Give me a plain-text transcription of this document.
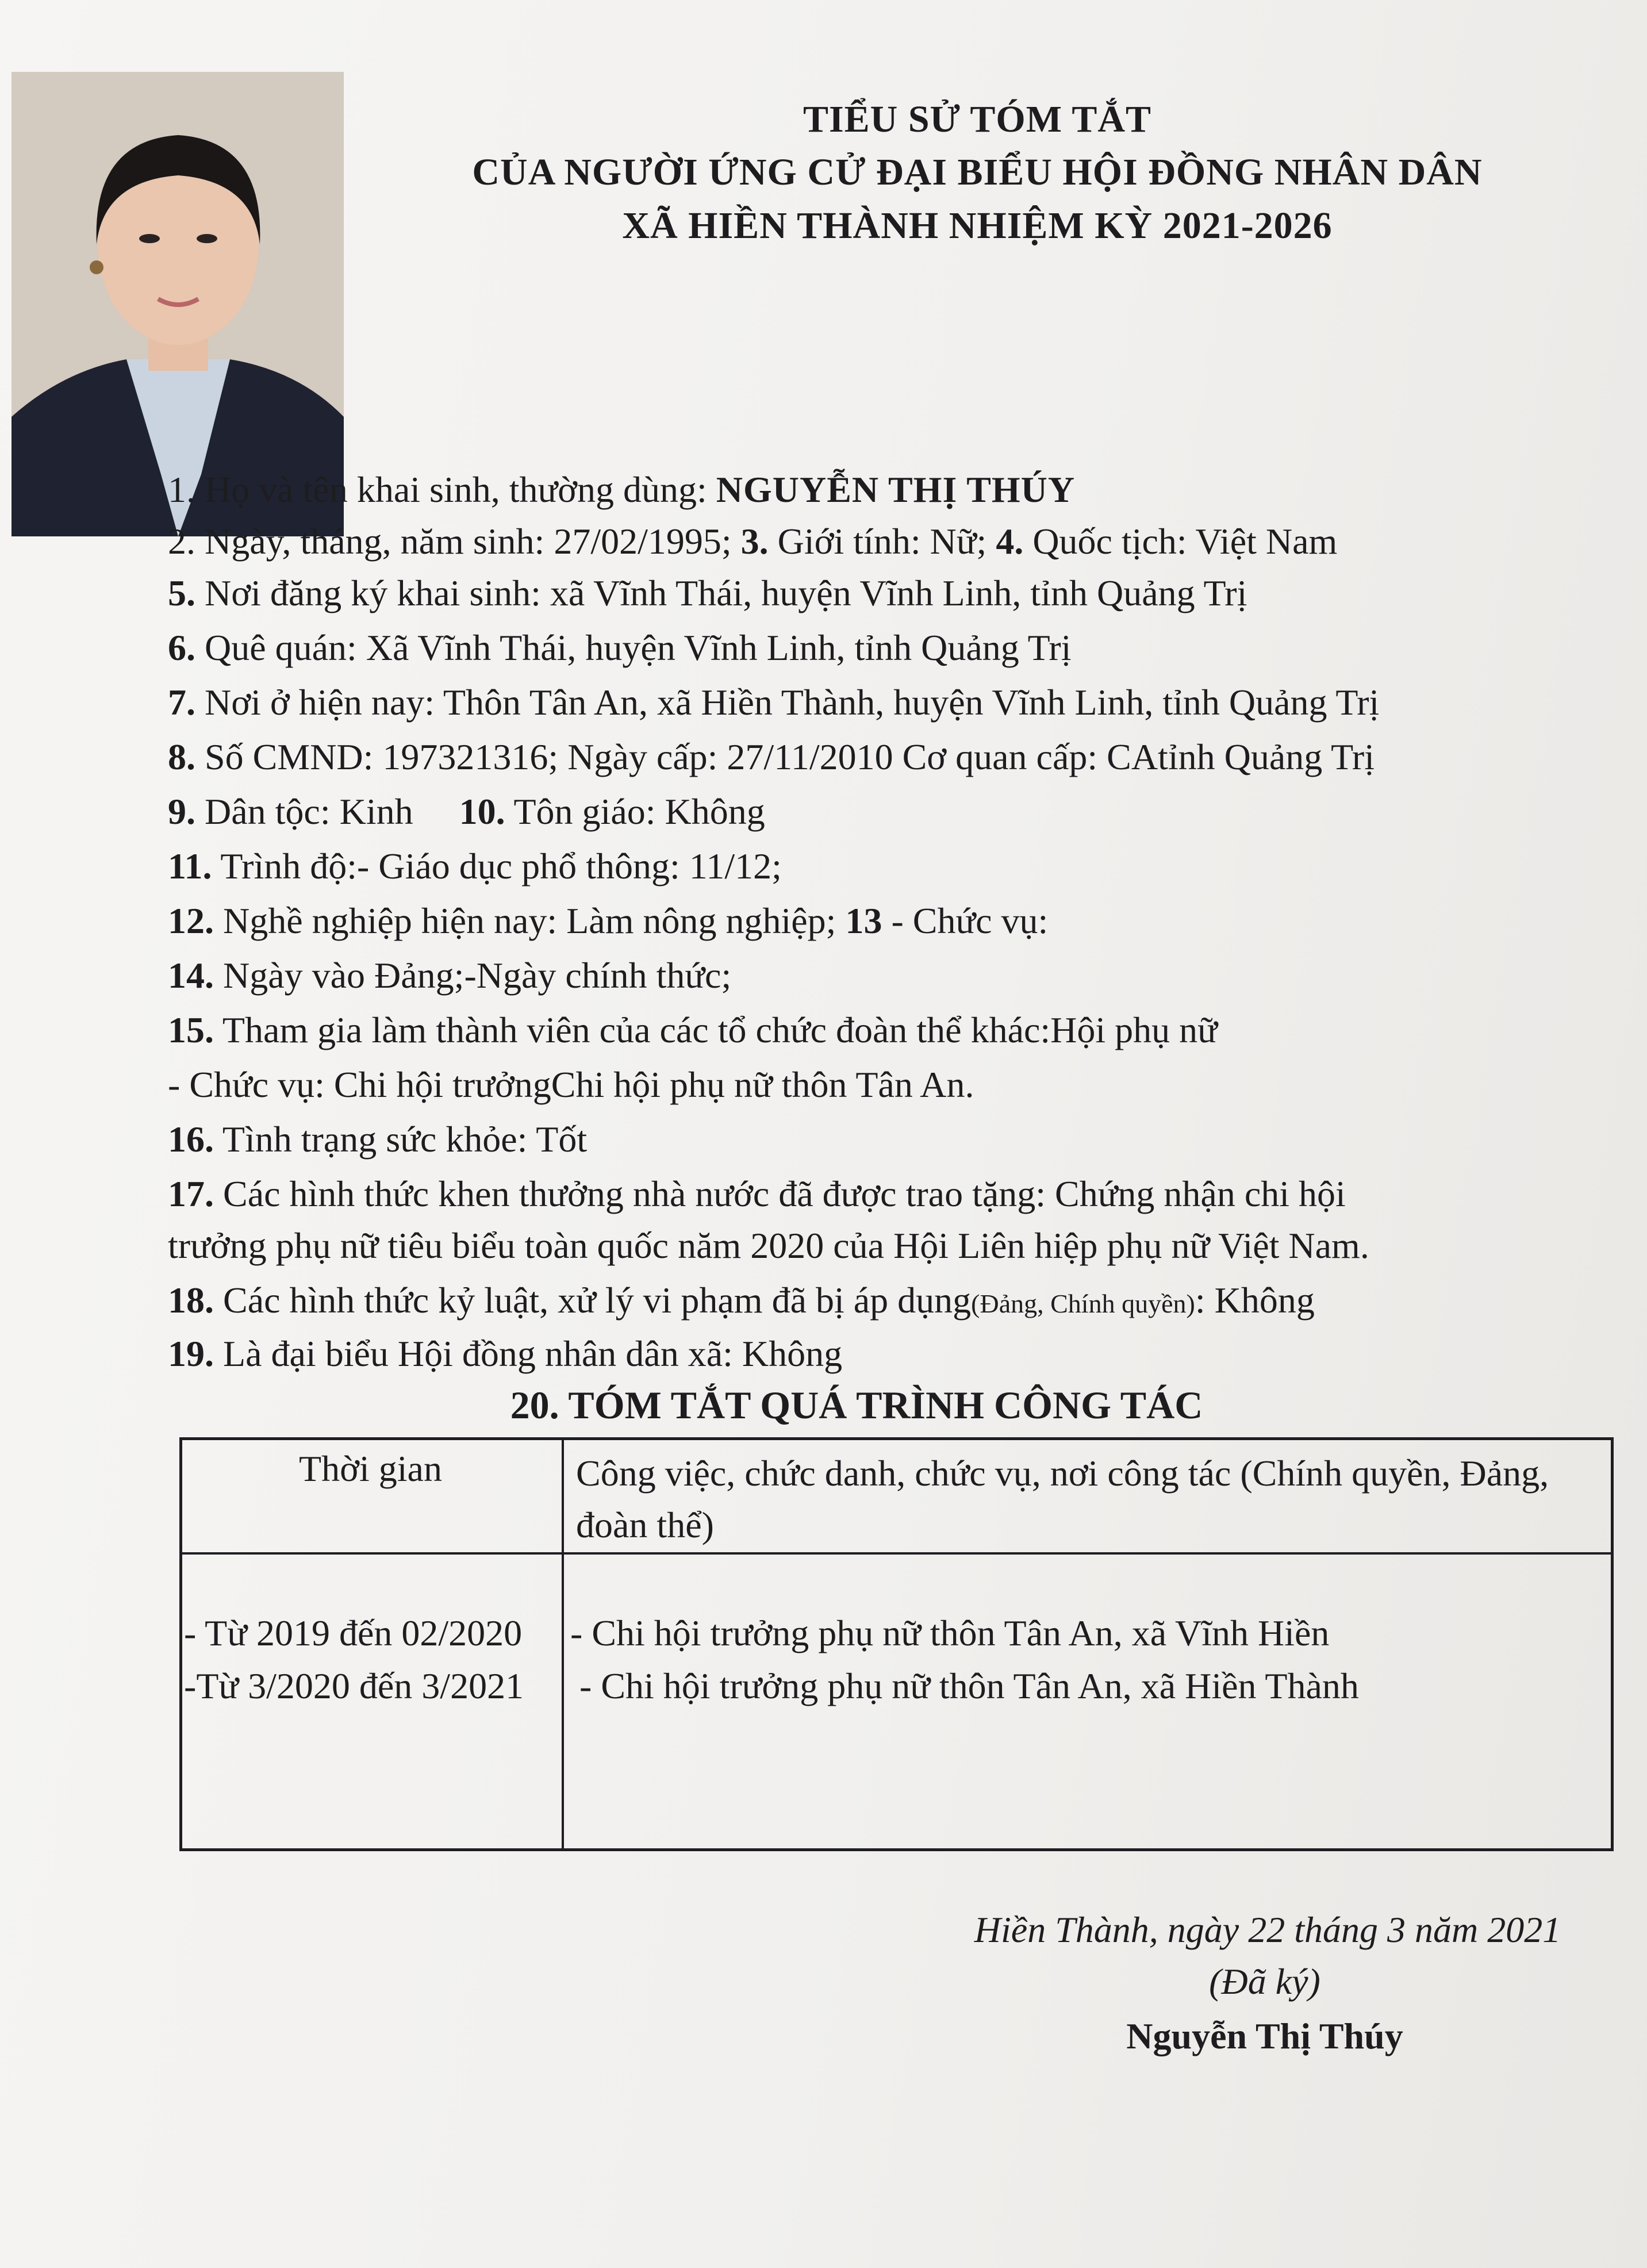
TIỂU SỬ TÓM TẮT
CỦA NGƯỜI ỨNG CỬ ĐẠI BIỂU HỘI ĐỒNG NHÂN DÂN
XÃ HIỀN THÀNH NHIỆM KỲ 2021-2026
1. Họ và tên khai sinh, thường dùng: NGUYỄN THỊ THÚY
2. Ngày, tháng, năm sinh: 27/02/1995; 3. Giới tính: Nữ; 4. Quốc tịch: Việt Nam
5. Nơi đăng ký khai sinh: xã Vĩnh Thái, huyện Vĩnh Linh, tỉnh Quảng Trị
6. Quê quán: Xã Vĩnh Thái, huyện Vĩnh Linh, tỉnh Quảng Trị
7. Nơi ở hiện nay: Thôn Tân An, xã Hiền Thành, huyện Vĩnh Linh, tỉnh Quảng Trị
8. Số CMND: 197321316; Ngày cấp: 27/11/2010 Cơ quan cấp: CAtỉnh Quảng Trị
9. Dân tộc: Kinh     10. Tôn giáo: Không
11. Trình độ:- Giáo dục phổ thông: 11/12;
12. Nghề nghiệp hiện nay: Làm nông nghiệp; 13 - Chức vụ:
14. Ngày vào Đảng;-Ngày chính thức;
15. Tham gia làm thành viên của các tổ chức đoàn thể khác:Hội phụ nữ
- Chức vụ: Chi hội trưởngChi hội phụ nữ thôn Tân An.
16. Tình trạng sức khỏe: Tốt
17. Các hình thức khen thưởng nhà nước đã được trao tặng: Chứng nhận chi hội
trưởng phụ nữ tiêu biểu toàn quốc năm 2020 của Hội Liên hiệp phụ nữ Việt Nam.
18. Các hình thức kỷ luật, xử lý vi phạm đã bị áp dụng(Đảng, Chính quyền): Không
19. Là đại biểu Hội đồng nhân dân xã: Không
20. TÓM TẮT QUÁ TRÌNH CÔNG TÁC
Thời gian	Công việc, chức danh, chức vụ, nơi công tác (Chính quyền, Đảng, đoàn thể)
- Từ 2019 đến 02/2020 - Chi hội trưởng phụ nữ thôn Tân An, xã Vĩnh Hiền
-Từ 3/2020 đến 3/2021 - Chi hội trưởng phụ nữ thôn Tân An, xã Hiền Thành
Hiền Thành, ngày 22 tháng 3 năm 2021
(Đã ký)
Nguyễn Thị Thúy
